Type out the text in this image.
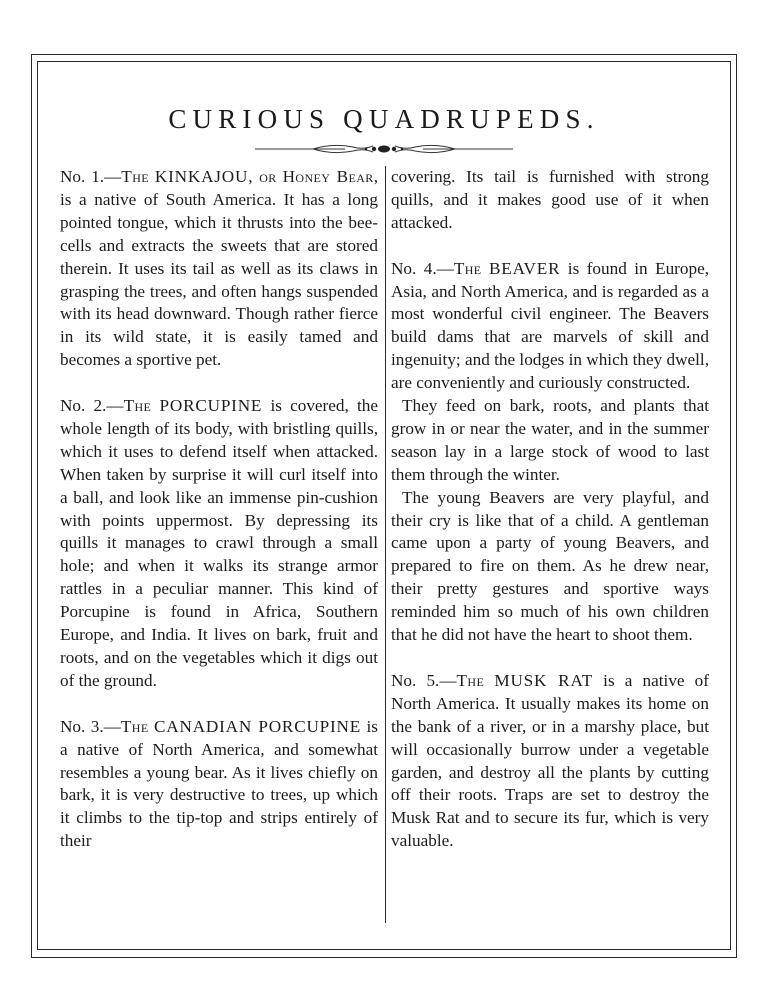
CURIOUS QUADRUPEDS.

No. 1.—The KINKAJOU, or Honey Bear, is a native of South America. It has a long pointed tongue, which it thrusts into the bee-cells and extracts the sweets that are stored therein. It uses its tail as well as its claws in grasping the trees, and often hangs suspended with its head downward. Though rather fierce in its wild state, it is easily tamed and becomes a sportive pet.

No. 2.—The PORCUPINE is covered, the whole length of its body, with bristling quills, which it uses to defend itself when attacked. When taken by surprise it will curl itself into a ball, and look like an immense pin-cushion with points uppermost. By depressing its quills it manages to crawl through a small hole; and when it walks its strange armor rattles in a peculiar manner. This kind of Porcupine is found in Africa, Southern Europe, and India. It lives on bark, fruit and roots, and on the vegetables which it digs out of the ground.

No. 3.—The CANADIAN PORCUPINE is a native of North America, and somewhat resembles a young bear. As it lives chiefly on bark, it is very destructive to trees, up which it climbs to the tip-top and strips entirely of their

covering. Its tail is furnished with strong quills, and it makes good use of it when attacked.

No. 4.—The BEAVER is found in Europe, Asia, and North America, and is regarded as a most wonderful civil engineer. The Beavers build dams that are marvels of skill and ingenuity; and the lodges in which they dwell, are conveniently and curiously constructed.

They feed on bark, roots, and plants that grow in or near the water, and in the summer season lay in a large stock of wood to last them through the winter.

The young Beavers are very playful, and their cry is like that of a child. A gentleman came upon a party of young Beavers, and prepared to fire on them. As he drew near, their pretty gestures and sportive ways reminded him so much of his own children that he did not have the heart to shoot them.

No. 5.—The MUSK RAT is a native of North America. It usually makes its home on the bank of a river, or in a marshy place, but will occasionally burrow under a vegetable garden, and destroy all the plants by cutting off their roots. Traps are set to destroy the Musk Rat and to secure its fur, which is very valuable.
